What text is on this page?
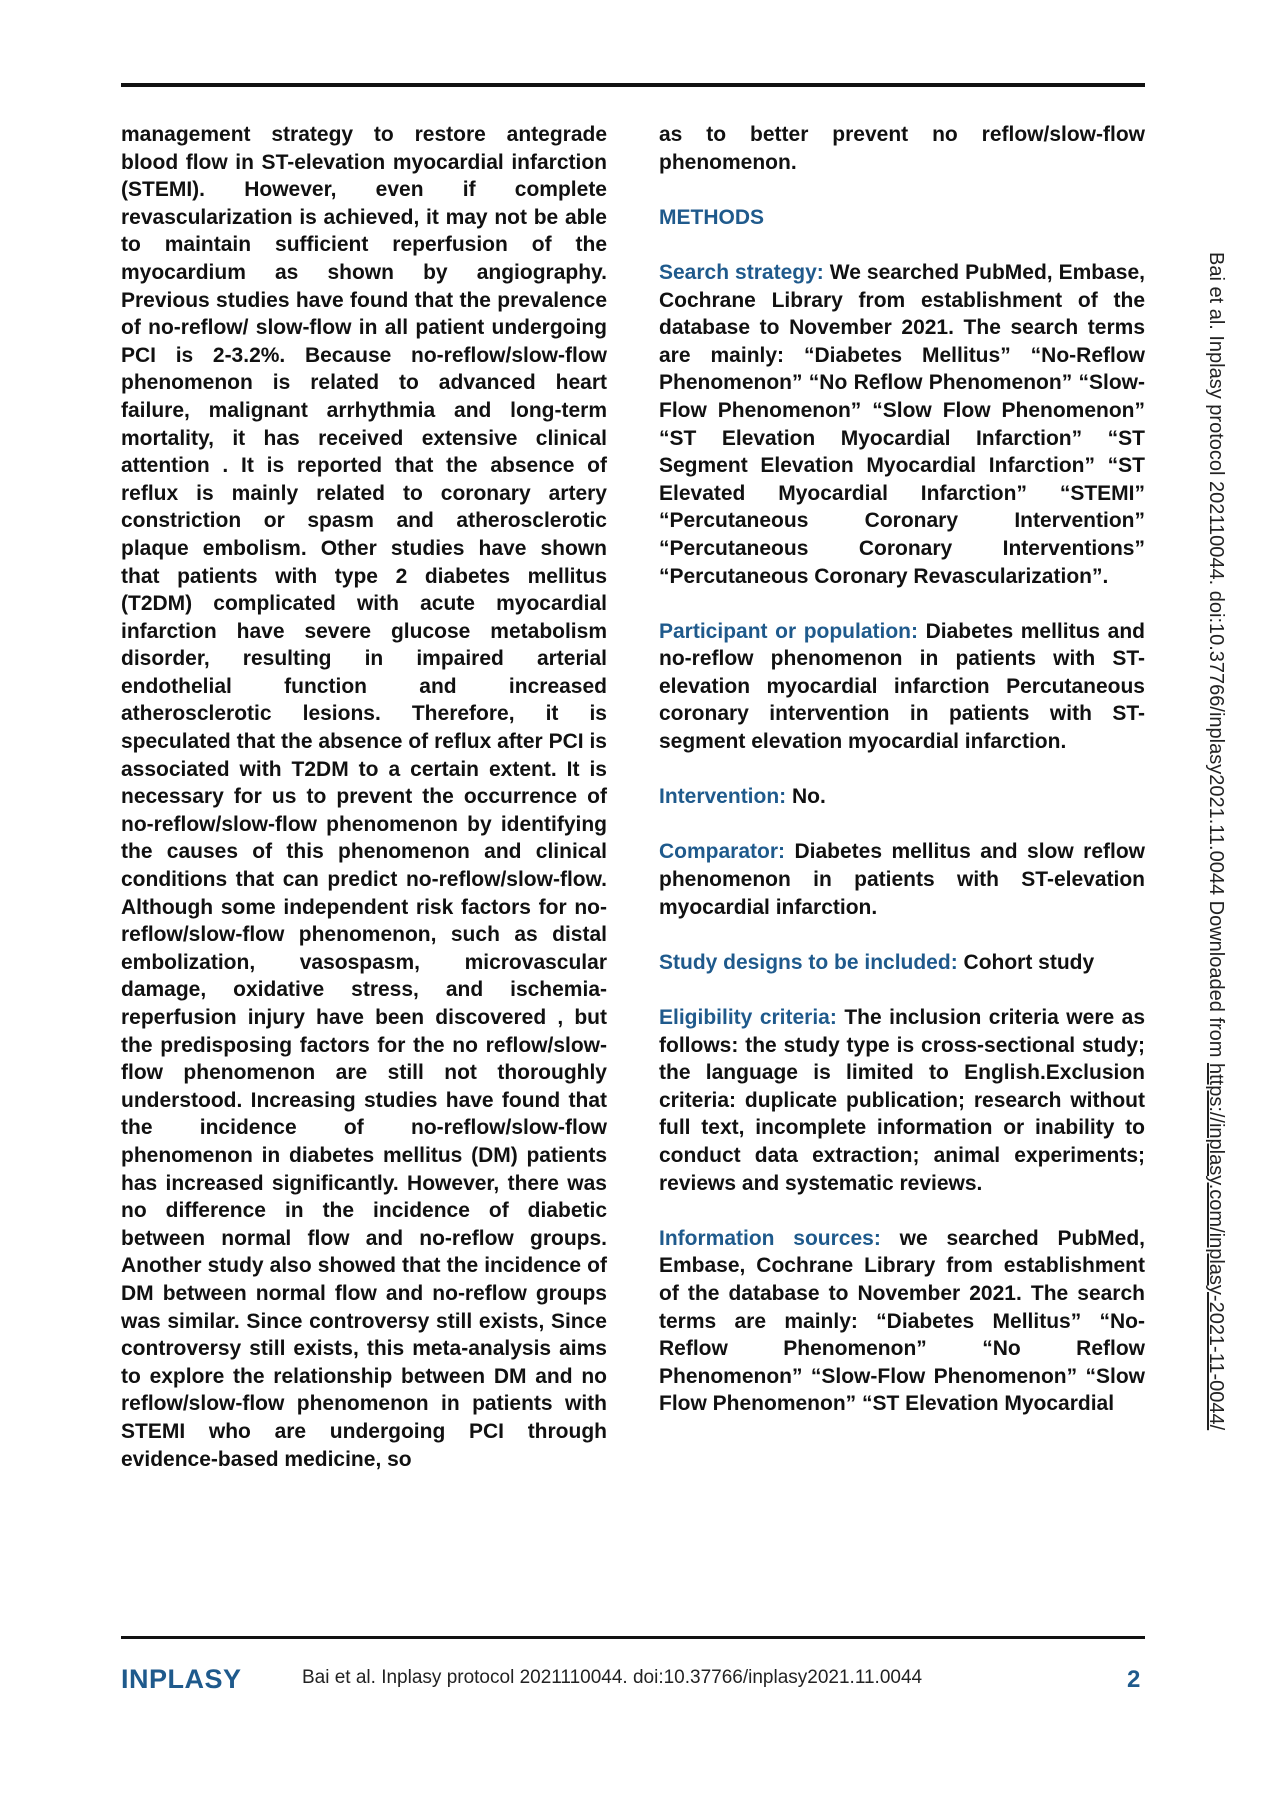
management strategy to restore antegrade blood flow in ST-elevation myocardial infarction (STEMI). However, even if complete revascularization is achieved, it may not be able to maintain sufficient reperfusion of the myocardium as shown by angiography. Previous studies have found that the prevalence of no-reflow/ slow-flow in all patient undergoing PCI is 2-3.2%. Because no-reflow/slow-flow phenomenon is related to advanced heart failure, malignant arrhythmia and long-term mortality, it has received extensive clinical attention . It is reported that the absence of reflux is mainly related to coronary artery constriction or spasm and atherosclerotic plaque embolism. Other studies have shown that patients with type 2 diabetes mellitus (T2DM) complicated with acute myocardial infarction have severe glucose metabolism disorder, resulting in impaired arterial endothelial function and increased atherosclerotic lesions. Therefore, it is speculated that the absence of reflux after PCI is associated with T2DM to a certain extent. It is necessary for us to prevent the occurrence of no-reflow/slow-flow phenomenon by identifying the causes of this phenomenon and clinical conditions that can predict no-reflow/slow-flow. Although some independent risk factors for no-reflow/slow-flow phenomenon, such as distal embolization, vasospasm, microvascular damage, oxidative stress, and ischemia-reperfusion injury have been discovered , but the predisposing factors for the no reflow/slow-flow phenomenon are still not thoroughly understood. Increasing studies have found that the incidence of no-reflow/slow-flow phenomenon in diabetes mellitus (DM) patients has increased significantly. However, there was no difference in the incidence of diabetic between normal flow and no-reflow groups. Another study also showed that the incidence of DM between normal flow and no-reflow groups was similar. Since controversy still exists, Since controversy still exists, this meta-analysis aims to explore the relationship between DM and no reflow/slow-flow phenomenon in patients with STEMI who are undergoing PCI through evidence-based medicine, so

as to better prevent no reflow/slow-flow phenomenon.

METHODS

Search strategy: We searched PubMed, Embase, Cochrane Library from establishment of the database to November 2021. The search terms are mainly: “Diabetes Mellitus” “No-Reflow Phenomenon” “No Reflow Phenomenon” “Slow-Flow Phenomenon” “Slow Flow Phenomenon” “ST Elevation Myocardial Infarction” “ST Segment Elevation Myocardial Infarction” “ST Elevated Myocardial Infarction” “STEMI” “Percutaneous Coronary Intervention” “Percutaneous Coronary Interventions” “Percutaneous Coronary Revascularization”.

Participant or population: Diabetes mellitus and no-reflow phenomenon in patients with ST-elevation myocardial infarction Percutaneous coronary intervention in patients with ST-segment elevation myocardial infarction.

Intervention: No.

Comparator: Diabetes mellitus and slow reflow phenomenon in patients with ST-elevation myocardial infarction.

Study designs to be included: Cohort study

Eligibility criteria: The inclusion criteria were as follows: the study type is cross-sectional study; the language is limited to English.Exclusion criteria: duplicate publication; research without full text, incomplete information or inability to conduct data extraction; animal experiments; reviews and systematic reviews.

Information sources: we searched PubMed, Embase, Cochrane Library from establishment of the database to November 2021. The search terms are mainly: “Diabetes Mellitus” “No-Reflow Phenomenon” “No Reflow Phenomenon” “Slow-Flow Phenomenon” “Slow Flow Phenomenon” “ST Elevation Myocardial

Bai et al. Inplasy protocol 202110044. doi:10.37766/inplasy2021.11.0044 Downloaded from https://inplasy.com/inplasy-2021-11-0044/
INPLASY	Bai et al. Inplasy protocol 2021110044. doi:10.37766/inplasy2021.11.0044	2
